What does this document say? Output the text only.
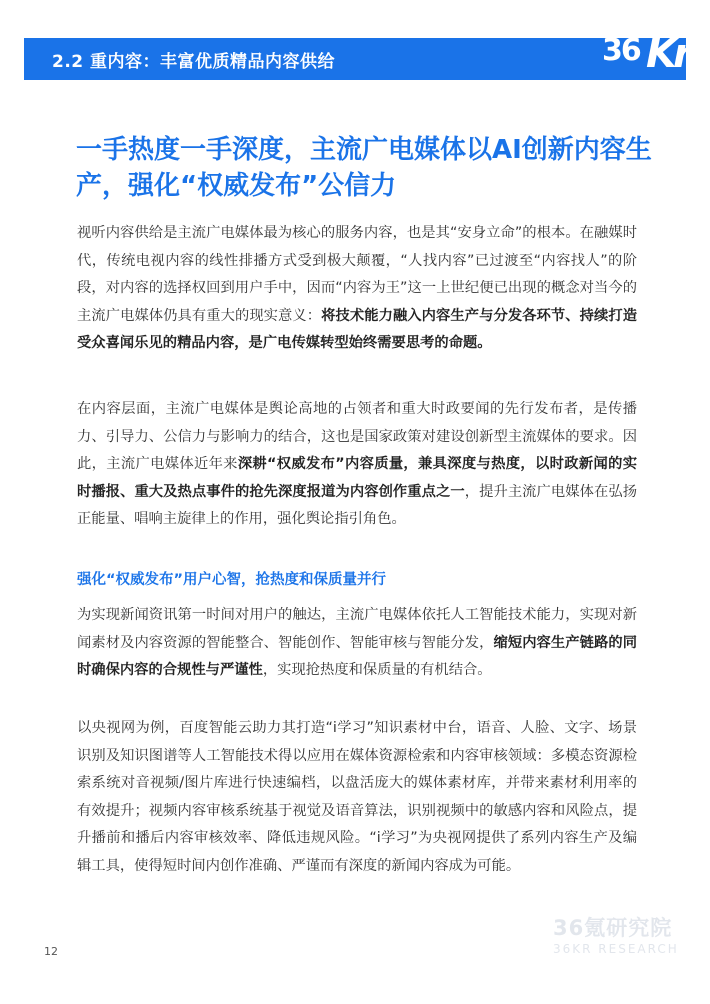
2.2 重内容：丰富优质精品内容供给	36 Kr
一手热度一手深度，主流广电媒体以AI创新内容生产，强化“权威发布”公信力

视听内容供给是主流广电媒体最为核心的服务内容，也是其“安身立命”的根本。在融媒时代，传统电视内容的线性排播方式受到极大颠覆，“人找内容”已过渡至“内容找人”的阶段，对内容的选择权回到用户手中，因而“内容为王”这一上世纪便已出现的概念对当今的主流广电媒体仍具有重大的现实意义：将技术能力融入内容生产与分发各环节、持续打造受众喜闻乐见的精品内容，是广电传媒转型始终需要思考的命题。

在内容层面，主流广电媒体是舆论高地的占领者和重大时政要闻的先行发布者，是传播力、引导力、公信力与影响力的结合，这也是国家政策对建设创新型主流媒体的要求。因此，主流广电媒体近年来深耕“权威发布”内容质量，兼具深度与热度，以时政新闻的实时播报、重大及热点事件的抢先深度报道为内容创作重点之一，提升主流广电媒体在弘扬正能量、唱响主旋律上的作用，强化舆论指引角色。

强化“权威发布”用户心智，抢热度和保质量并行

为实现新闻资讯第一时间对用户的触达，主流广电媒体依托人工智能技术能力，实现对新闻素材及内容资源的智能整合、智能创作、智能审核与智能分发，缩短内容生产链路的同时确保内容的合规性与严谨性，实现抢热度和保质量的有机结合。

以央视网为例，百度智能云助力其打造“i学习”知识素材中台，语音、人脸、文字、场景识别及知识图谱等人工智能技术得以应用在媒体资源检索和内容审核领域：多模态资源检索系统对音视频/图片库进行快速编档，以盘活庞大的媒体素材库，并带来素材利用率的有效提升；视频内容审核系统基于视觉及语音算法，识别视频中的敏感内容和风险点，提升播前和播后内容审核效率、降低违规风险。“i学习”为央视网提供了系列内容生产及编辑工具，使得短时间内创作准确、严谨而有深度的新闻内容成为可能。

36氪研究院
36KR RESEARCH
12
